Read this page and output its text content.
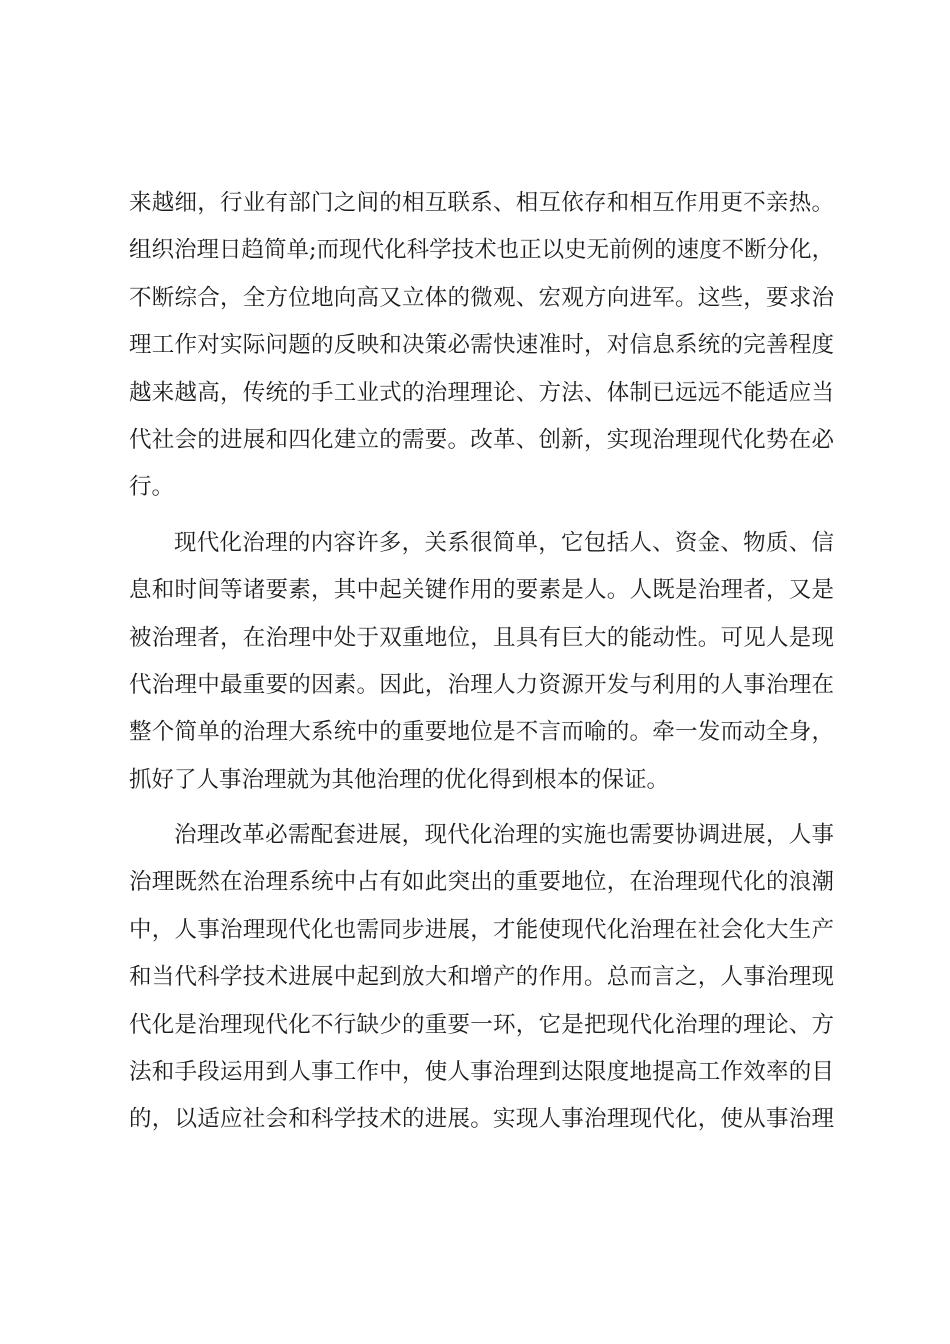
来越细，行业有部门之间的相互联系、相互依存和相互作用更不亲热。
组织治理日趋简单;而现代化科学技术也正以史无前例的速度不断分化，
不断综合，全方位地向高又立体的微观、宏观方向进军。这些，要求治
理工作对实际问题的反映和决策必需快速准时，对信息系统的完善程度
越来越高，传统的手工业式的治理理论、方法、体制已远远不能适应当
代社会的进展和四化建立的需要。改革、创新，实现治理现代化势在必
行。
现代化治理的内容许多，关系很简单，它包括人、资金、物质、信
息和时间等诸要素，其中起关键作用的要素是人。人既是治理者，又是
被治理者，在治理中处于双重地位，且具有巨大的能动性。可见人是现
代治理中最重要的因素。因此，治理人力资源开发与利用的人事治理在
整个简单的治理大系统中的重要地位是不言而喻的。牵一发而动全身，
抓好了人事治理就为其他治理的优化得到根本的保证。
治理改革必需配套进展，现代化治理的实施也需要协调进展，人事
治理既然在治理系统中占有如此突出的重要地位，在治理现代化的浪潮
中，人事治理现代化也需同步进展，才能使现代化治理在社会化大生产
和当代科学技术进展中起到放大和增产的作用。总而言之，人事治理现
代化是治理现代化不行缺少的重要一环，它是把现代化治理的理论、方
法和手段运用到人事工作中，使人事治理到达限度地提高工作效率的目
的，以适应社会和科学技术的进展。实现人事治理现代化，使从事治理
